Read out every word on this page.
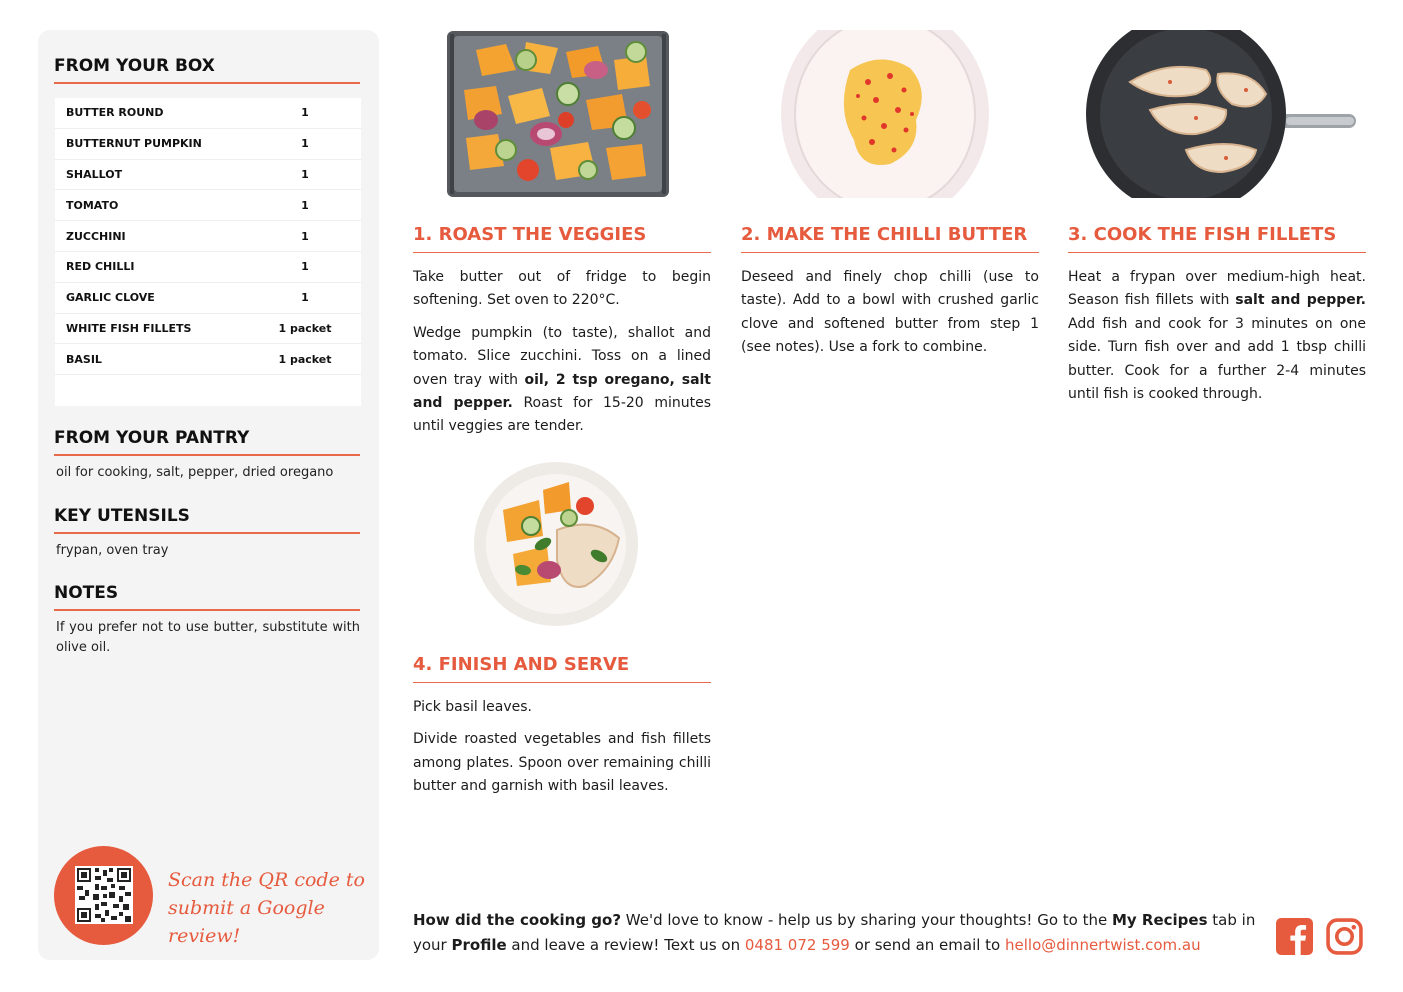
FROM YOUR BOX
BUTTER ROUND	1
BUTTERNUT PUMPKIN	1
SHALLOT	1
TOMATO	1
ZUCCHINI	1
RED CHILLI	1
GARLIC CLOVE	1
WHITE FISH FILLETS	1 packet
BASIL	1 packet
FROM YOUR PANTRY
oil for cooking, salt, pepper, dried oregano
KEY UTENSILS
frypan, oven tray
NOTES
If you prefer not to use butter, substitute with olive oil.
Scan the QR code to submit a Google review!
1. ROAST THE VEGGIES

Take butter out of fridge to begin softening. Set oven to 220°C.

Wedge pumpkin (to taste), shallot and tomato. Slice zucchini. Toss on a lined oven tray with oil, 2 tsp oregano, salt and pepper. Roast for 15-20 minutes until veggies are tender.

2. MAKE THE CHILLI BUTTER

Deseed and finely chop chilli (use to taste). Add to a bowl with crushed garlic clove and softened butter from step 1 (see notes). Use a fork to combine.

3. COOK THE FISH FILLETS

Heat a frypan over medium-high heat. Season fish fillets with salt and pepper. Add fish and cook for 3 minutes on one side. Turn fish over and add 1 tbsp chilli butter. Cook for a further 2-4 minutes until fish is cooked through.

4. FINISH AND SERVE

Pick basil leaves.

Divide roasted vegetables and fish fillets among plates. Spoon over remaining chilli butter and garnish with basil leaves.

How did the cooking go? We'd love to know - help us by sharing your thoughts! Go to the My Recipes tab in your Profile and leave a review! Text us on 0481 072 599 or send an email to hello@dinnertwist.com.au
